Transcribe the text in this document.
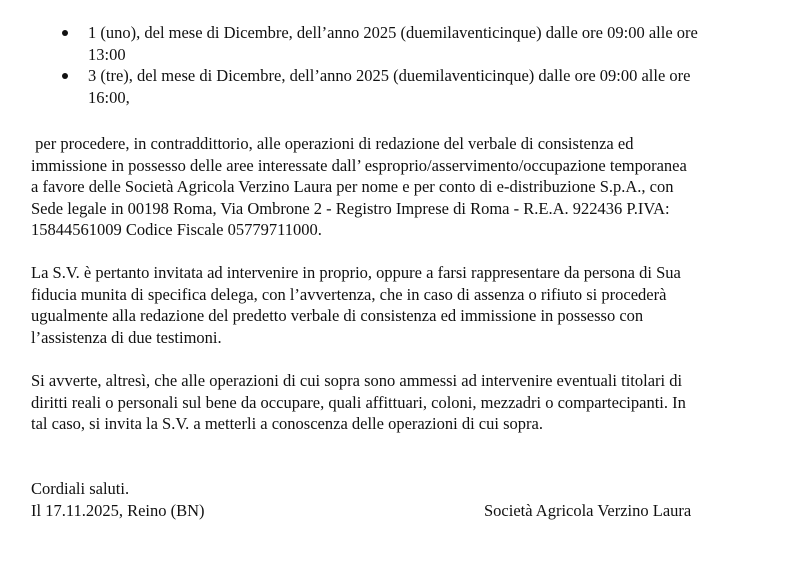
1 (uno), del mese di Dicembre, dell’anno 2025 (duemilaventicinque) dalle ore 09:00 alle ore
13:00
3 (tre), del mese di Dicembre, dell’anno 2025 (duemilaventicinque) dalle ore 09:00 alle ore
16:00,
per procedere, in contraddittorio, alle operazioni di redazione del verbale di consistenza ed
immissione in possesso delle aree interessate dall’ esproprio/asservimento/occupazione temporanea
a favore delle Società Agricola Verzino Laura per nome e per conto di e-distribuzione S.p.A., con
Sede legale in 00198 Roma, Via Ombrone 2 - Registro Imprese di Roma - R.E.A. 922436 P.IVA:
15844561009 Codice Fiscale 05779711000.
La S.V. è pertanto invitata ad intervenire in proprio, oppure a farsi rappresentare da persona di Sua
fiducia munita di specifica delega, con l’avvertenza, che in caso di assenza o rifiuto si procederà
ugualmente alla redazione del predetto verbale di consistenza ed immissione in possesso con
l’assistenza di due testimoni.
Si avverte, altresì, che alle operazioni di cui sopra sono ammessi ad intervenire eventuali titolari di
diritti reali o personali sul bene da occupare, quali affittuari, coloni, mezzadri o compartecipanti. In
tal caso, si invita la S.V. a metterli a conoscenza delle operazioni di cui sopra.
Cordiali saluti.
Il 17.11.2025, Reino (BN)	Società Agricola Verzino Laura
